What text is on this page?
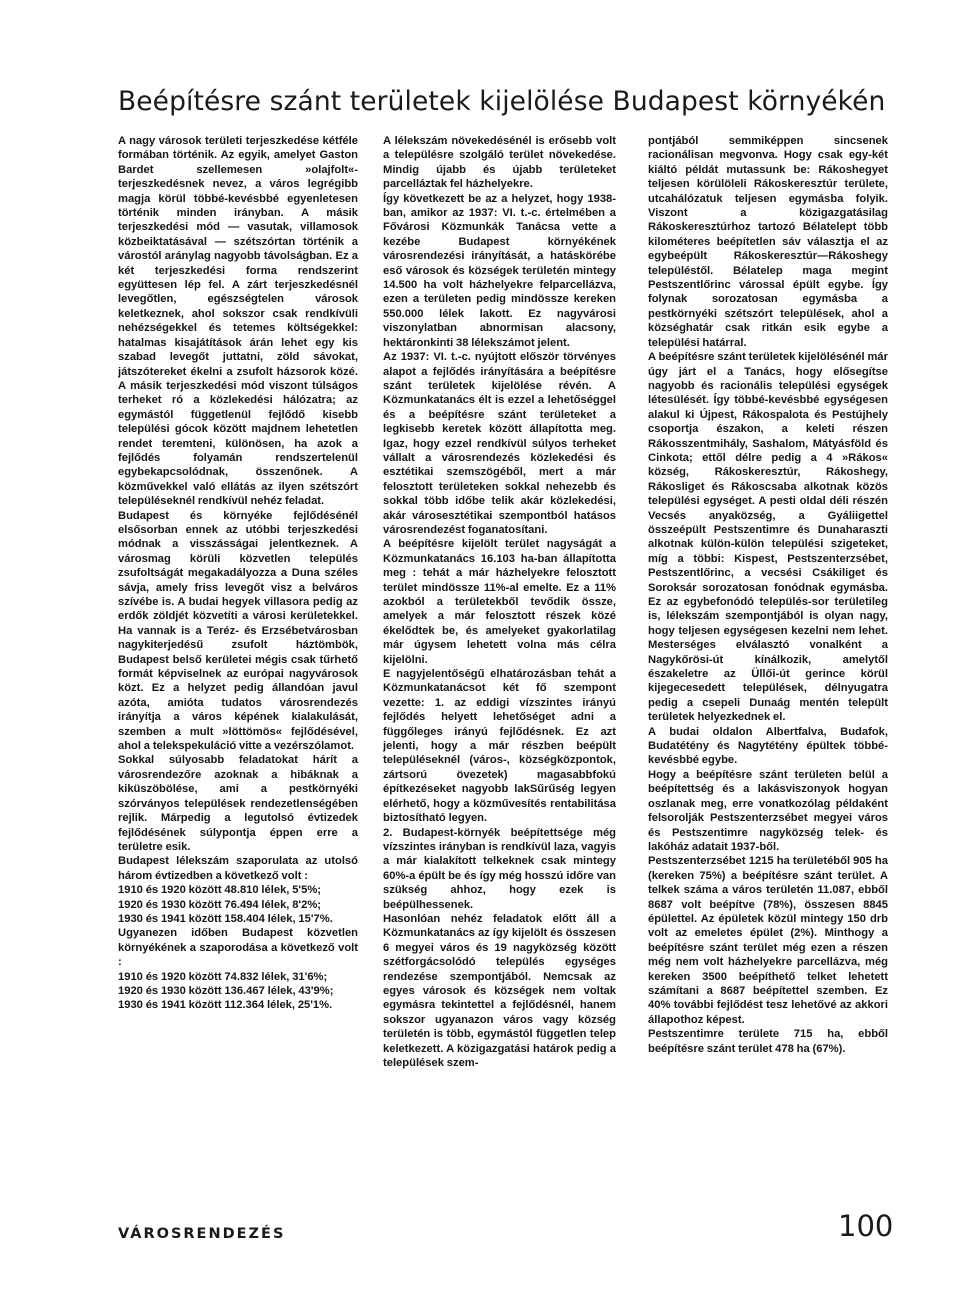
Beépítésre szánt területek kijelölése Budapest környékén

A nagy városok területi terjeszkedése kétféle formában történik. Az egyik, amelyet Gaston Bardet szellemesen »olajfolt«-terjeszkedésnek nevez, a város legrégibb magja körül többé-kevésbbé egyenletesen történik minden irányban. A másik terjeszkedési mód — vasutak, villamosok közbeiktatásával — szétszórtan történik a várostól aránylag nagyobb távolságban. Ez a két terjeszkedési forma rendszerint együttesen lép fel. A zárt terjeszkedésnél levegőtlen, egészségtelen városok keletkeznek, ahol sokszor csak rendkívüli nehézségekkel és tetemes költségekkel: hatalmas kisajátítások árán lehet egy kis szabad levegőt juttatni, zöld sávokat, játszótereket ékelni a zsufolt házsorok közé. A másik terjeszkedési mód viszont túlságos terheket ró a közlekedési hálózatra; az egymástól függetlenül fejlődő kisebb települési gócok között majdnem lehetetlen rendet teremteni, különösen, ha azok a fejlődés folyamán rendszertelenül egybekapcsolódnak, összenőnek. A közművekkel való ellátás az ilyen szétszórt településeknél rendkívül nehéz feladat.

Budapest és környéke fejlődésénél elsősorban ennek az utóbbi terjeszkedési módnak a visszásságai jelentkeznek. A városmag körüli közvetlen település zsufoltságát megakadályozza a Duna széles sávja, amely friss levegőt visz a belváros szívébe is. A budai hegyek villasora pedig az erdők zöldjét közvetíti a városi kerületekkel. Ha vannak is a Teréz- és Erzsébetvárosban nagykiterjedésű zsufolt háztömbök, Budapest belső kerületei mégis csak tűrhető formát képviselnek az európai nagyvárosok közt. Ez a helyzet pedig állandóan javul azóta, amióta tudatos városrendezés irányítja a város képének kialakulását, szemben a mult »löttömös« fejlődésével, ahol a telekspekuláció vitte a vezérszólamot.

Sokkal súlyosabb feladatokat hárít a városrendezőre azoknak a hibáknak a kiküszöbölése, ami a pestkörnyéki szórványos települések rendezetlenségében rejlik. Márpedig a legutolsó évtizedek fejlődésének súlypontja éppen erre a területre esik.

Budapest lélekszám szaporulata az utolsó három évtizedben a következő volt :

1910 és 1920 között 48.810 lélek, 5'5%;

1920 és 1930 között 76.494 lélek, 8'2%;

1930 és 1941 között 158.404 lélek, 15'7%.

Ugyanezen időben Budapest közvetlen környékének a szaporodása a következő volt :

1910 és 1920 között 74.832 lélek, 31'6%;

1920 és 1930 között 136.467 lélek, 43'9%;

1930 és 1941 között 112.364 lélek, 25'1%.

A lélekszám növekedésénél is erősebb volt a településre szolgáló terület növekedése. Mindig újabb és újabb területeket parcelláztak fel házhelyekre.

Így következett be az a helyzet, hogy 1938-ban, amikor az 1937: VI. t.-c. értelmében a Fővárosi Közmunkák Tanácsa vette a kezébe Budapest környékének városrendezési irányítását, a hatáskörébe eső városok és községek területén mintegy 14.500 ha volt házhelyekre felparcellázva, ezen a területen pedig mindössze kereken 550.000 lélek lakott. Ez nagyvárosi viszonylatban abnormisan alacsony, hektáronkinti 38 lélekszámot jelent.

Az 1937: VI. t.-c. nyújtott először törvényes alapot a fejlődés irányítására a beépítésre szánt területek kijelölése révén. A Közmunkatanács élt is ezzel a lehetőséggel és a beépítésre szánt területeket a legkisebb keretek között állapította meg. Igaz, hogy ezzel rendkívül súlyos terheket vállalt a városrendezés közlekedési és esztétikai szemszögéből, mert a már felosztott területeken sokkal nehezebb és sokkal több időbe telik akár közlekedési, akár városesztétikai szempontból hatásos városrendezést foganatosítani.

A beépítésre kijelölt terület nagyságát a Közmunkatanács 16.103 ha-ban állapította meg : tehát a már házhelyekre felosztott terület mindössze 11%-al emelte. Ez a 11% azokból a területekből tevődik össze, amelyek a már felosztott részek közé ékelődtek be, és amelyeket gyakorlatilag már úgysem lehetett volna más célra kijelölni.

E nagyjelentőségű elhatározásban tehát a Közmunkatanácsot két fő szempont vezette: 1. az eddigi vízszintes irányú fejlődés helyett lehetőséget adni a függőleges irányú fejlődésnek. Ez azt jelenti, hogy a már részben beépült településeknél (város-, községközpontok, zártsorú övezetek) magasabbfokú építkezéseket nagyobb lakSűrűség legyen elérhető, hogy a közművesítés rentabilitása biztosítható legyen.

2. Budapest-környék beépítettsége még vízszintes irányban is rendkívül laza, vagyis a már kialakított telkeknek csak mintegy 60%-a épült be és így még hosszú időre van szükség ahhoz, hogy ezek is beépülhessenek.

Hasonlóan nehéz feladatok előtt áll a Közmunkatanács az így kijelölt és összesen 6 megyei város és 19 nagyközség között szétforgácsolódó település egységes rendezése szempontjából. Nemcsak az egyes városok és községek nem voltak egymásra tekintettel a fejlődésnél, hanem sokszor ugyanazon város vagy község területén is több, egymástól független telep keletkezett. A közigazgatási határok pedig a települések szem-

pontjából semmiképpen sincsenek racionálisan megvonva. Hogy csak egy-két kiáltó példát mutassunk be: Rákoshegyet teljesen körülöleli Rákoskeresztúr területe, utcahálózatuk teljesen egymásba folyik. Viszont a közigazgatásilag Rákoskeresztúrhoz tartozó Bélatelept több kilométeres beépítetlen sáv választja el az egybeépült Rákoskeresztúr—Rákoshegy településtől. Bélatelep maga megint Pestszentlőrinc várossal épült egybe. Így folynak sorozatosan egymásba a pestkörnyéki szétszórt települések, ahol a községhatár csak ritkán esik egybe a települési határral.

A beépítésre szánt területek kijelölésénél már úgy járt el a Tanács, hogy elősegítse nagyobb és racionális települési egységek létesülését. Így többé-kevésbbé egységesen alakul ki Újpest, Rákospalota és Pestújhely csoportja északon, a keleti részen Rákosszentmihály, Sashalom, Mátyásföld és Cinkota; ettől délre pedig a 4 »Rákos« község, Rákoskeresztúr, Rákoshegy, Rákosliget és Rákoscsaba alkotnak közös települési egységet. A pesti oldal déli részén Vecsés anyaközség, a Gyáliigettel összeépült Pestszentimre és Dunaharaszti alkotnak külön-külön települési szigeteket, míg a többi: Kispest, Pestszenterzsébet, Pestszentlőrinc, a vecsési Csákiliget és Soroksár sorozatosan fonódnak egymásba. Ez az egybefonódó település-sor területileg is, lélekszám szempontjából is olyan nagy, hogy teljesen egységesen kezelni nem lehet. Mesterséges elválasztó vonalként a Nagykőrösi-út kínálkozik, amelytől északeletre az Üllői-út gerince körül kijegecesedett települések, délnyugatra pedig a csepeli Dunaág mentén települt területek helyezkednek el.

A budai oldalon Albertfalva, Budafok, Budatétény és Nagytétény épültek többé-kevésbbé egybe.

Hogy a beépítésre szánt területen belül a beépítettség és a lakásviszonyok hogyan oszlanak meg, erre vonatkozólag példaként felsorolják Pestszenterzsébet megyei város és Pestszentimre nagyközség telek- és lakóház adatait 1937-ből.

Pestszenterzsébet 1215 ha területéből 905 ha (kereken 75%) a beépítésre szánt terület. A telkek száma a város területén 11.087, ebből 8687 volt beépítve (78%), összesen 8845 épülettel. Az épületek közül mintegy 150 drb volt az emeletes épület (2%). Minthogy a beépítésre szánt terület még ezen a részen még nem volt házhelyekre parcellázva, még kereken 3500 beépíthető telket lehetett számítani a 8687 beépítettel szemben. Ez 40% további fejlődést tesz lehetővé az akkori állapothoz képest.

Pestszentimre területe 715 ha, ebből beépítésre szánt terület 478 ha (67%).

VÁROSRENDEZÉS	100
